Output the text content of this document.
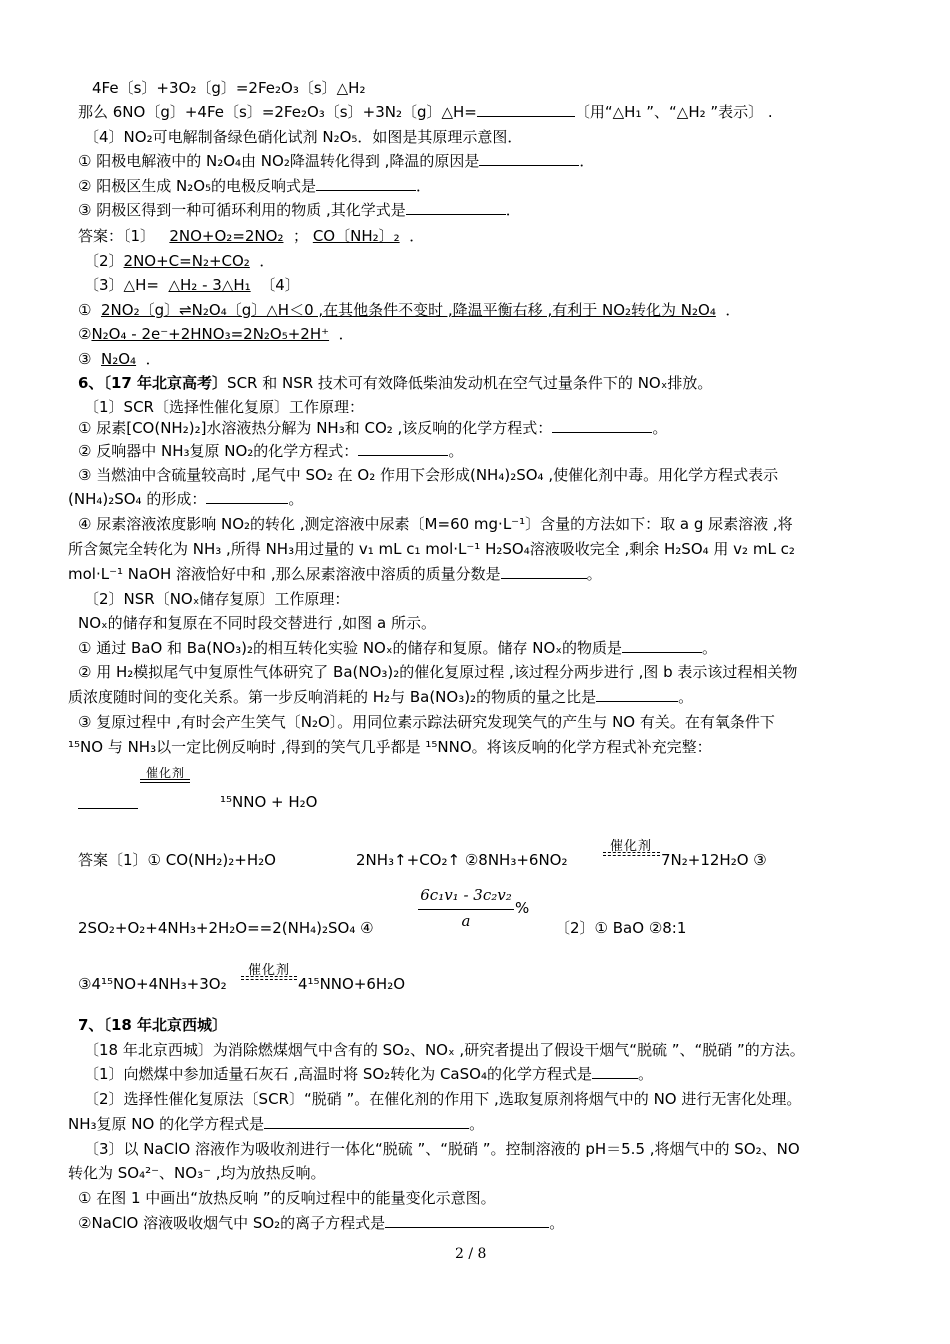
4Fe〔s〕+3O₂〔g〕=2Fe₂O₃〔s〕△H₂
那么 6NO〔g〕+4Fe〔s〕=2Fe₂O₃〔s〕+3N₂〔g〕△H=	〔用“△H₁ ”、“△H₂ ”表示〕 .
〔4〕NO₂可电解制备绿色硝化试剂 N₂O₅．如图是其原理示意图．
① 阳极电解液中的 N₂O₄由 NO₂降温转化得到 ,降温的原因是	．
② 阳极区生成 N₂O₅的电极反响式是	．
③ 阴极区得到一种可循环利用的物质 ,其化学式是	．
答案：〔1〕 2NO+O₂=2NO₂ ； CO〔NH₂〕₂ ．
〔2〕2NO+C=N₂+CO₂ ．
〔3〕△H= △H₂ - 3△H₁ 〔4〕
① 2NO₂〔g〕⇌N₂O₄〔g〕△H＜0 ,在其他条件不变时 ,降温平衡右移 ,有利于 NO₂转化为 N₂O₄ ．
②N₂O₄ - 2e⁻+2HNO₃=2N₂O₅+2H⁺ ．
③ N₂O₄ ．
6、〔17 年北京高考〕SCR 和 NSR 技术可有效降低柴油发动机在空气过量条件下的 NOₓ排放。
〔1〕SCR〔选择性催化复原〕工作原理：
① 尿素[CO(NH₂)₂]水溶液热分解为 NH₃和 CO₂ ,该反响的化学方程式：	。
② 反响器中 NH₃复原 NO₂的化学方程式：	。
③ 当燃油中含硫量较高时 ,尾气中 SO₂ 在 O₂ 作用下会形成(NH₄)₂SO₄ ,使催化剂中毒。用化学方程式表示
(NH₄)₂SO₄ 的形成：	。
④ 尿素溶液浓度影响 NO₂的转化 ,测定溶液中尿素〔M=60 mg·L⁻¹〕含量的方法如下：取 a g 尿素溶液 ,将
所含氮完全转化为 NH₃ ,所得 NH₃用过量的 v₁ mL c₁ mol·L⁻¹ H₂SO₄溶液吸收完全 ,剩余 H₂SO₄ 用 v₂ mL c₂
mol·L⁻¹ NaOH 溶液恰好中和 ,那么尿素溶液中溶质的质量分数是	。
〔2〕NSR〔NOₓ储存复原〕工作原理：
NOₓ的储存和复原在不同时段交替进行 ,如图 a 所示。
① 通过 BaO 和 Ba(NO₃)₂的相互转化实验 NOₓ的储存和复原。储存 NOₓ的物质是	。
② 用 H₂模拟尾气中复原性气体研究了 Ba(NO₃)₂的催化复原过程 ,该过程分两步进行 ,图 b 表示该过程相关物
质浓度随时间的变化关系。第一步反响消耗的 H₂与 Ba(NO₃)₂的物质的量之比是	。
③ 复原过程中 ,有时会产生笑气〔N₂O〕。用同位素示踪法研究发现笑气的产生与 NO 有关。在有氧条件下
¹⁵NO 与 NH₃以一定比例反响时 ,得到的笑气几乎都是 ¹⁵NNO。将该反响的化学方程式补充完整：
催化剂
¹⁵NNO + H₂O
答案〔1〕① CO(NH₂)₂+H₂O	2NH₃↑+CO₂↑ ②8NH₃+6NO₂
催化剂
7N₂+12H₂O ③
2SO₂+O₂+4NH₃+2H₂O==2(NH₄)₂SO₄ ④
6c₁v₁ - 3c₂v₂
a
%
〔2〕① BaO ②8:1
③4¹⁵NO+4NH₃+3O₂
催化剂
4¹⁵NNO+6H₂O
7、〔18 年北京西城〕
〔18 年北京西城〕为消除燃煤烟气中含有的 SO₂、NOₓ ,研究者提出了假设干烟气“脱硫 ”、“脱硝 ”的方法。
〔1〕向燃煤中参加适量石灰石 ,高温时将 SO₂转化为 CaSO₄的化学方程式是	。
〔2〕选择性催化复原法〔SCR〕“脱硝 ”。在催化剂的作用下 ,选取复原剂将烟气中的 NO 进行无害化处理。
NH₃复原 NO 的化学方程式是	。
〔3〕以 NaClO 溶液作为吸收剂进行一体化“脱硫 ”、“脱硝 ”。控制溶液的 pH＝5.5 ,将烟气中的 SO₂、NO
转化为 SO₄²⁻、NO₃⁻ ,均为放热反响。
① 在图 1 中画出“放热反响 ”的反响过程中的能量变化示意图。
②NaClO 溶液吸收烟气中 SO₂的离子方程式是	。
2 / 8
